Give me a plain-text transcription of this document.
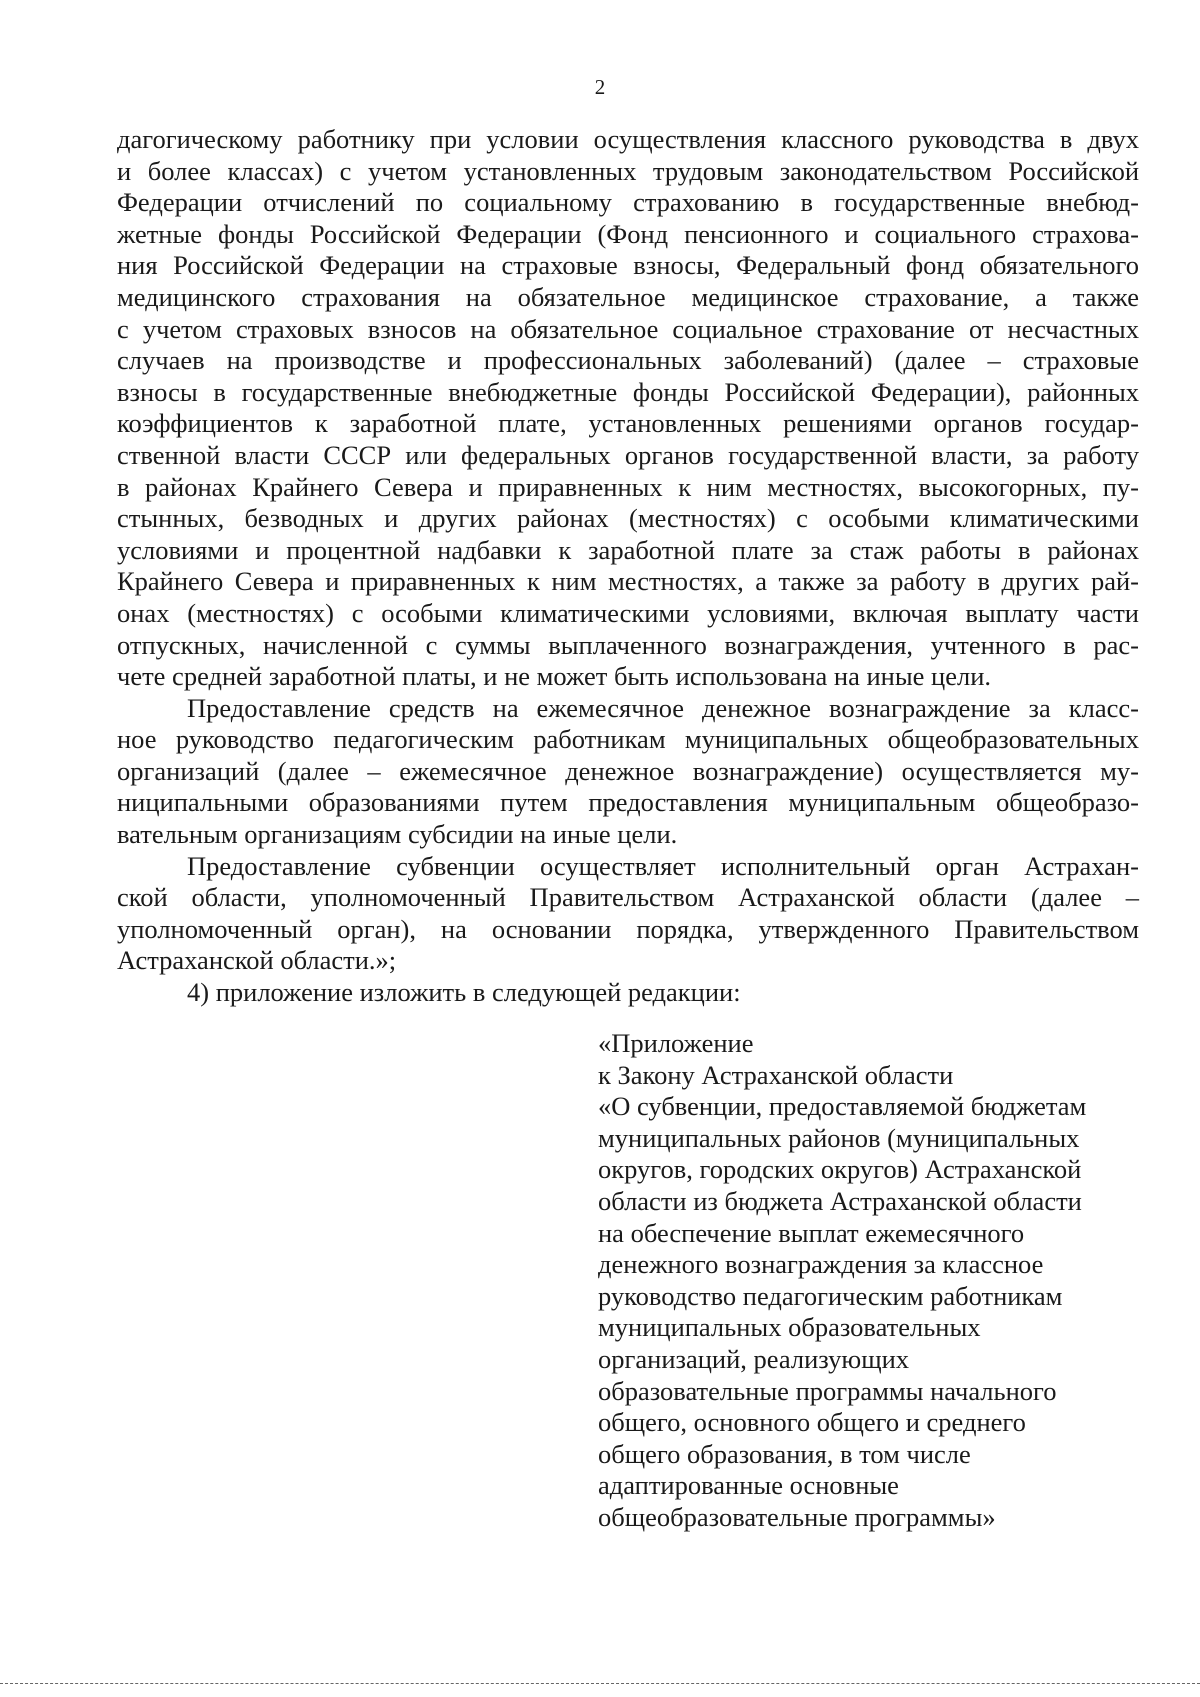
2
дагогическому работнику при условии осуществления классного руководства в двух
и более классах) с учетом установленных трудовым законодательством Российской
Федерации отчислений по социальному страхованию в государственные внебюд-
жетные фонды Российской Федерации (Фонд пенсионного и социального страхова-
ния Российской Федерации на страховые взносы, Федеральный фонд обязательного
медицинского страхования на обязательное медицинское страхование, а также
с учетом страховых взносов на обязательное социальное страхование от несчастных
случаев на производстве и профессиональных заболеваний) (далее – страховые
взносы в государственные внебюджетные фонды Российской Федерации), районных
коэффициентов к заработной плате, установленных решениями органов государ-
ственной власти СССР или федеральных органов государственной власти, за работу
в районах Крайнего Севера и приравненных к ним местностях, высокогорных, пу-
стынных, безводных и других районах (местностях) с особыми климатическими
условиями и процентной надбавки к заработной плате за стаж работы в районах
Крайнего Севера и приравненных к ним местностях, а также за работу в других рай-
онах (местностях) с особыми климатическими условиями, включая выплату части
отпускных, начисленной с суммы выплаченного вознаграждения, учтенного в рас-
чете средней заработной платы, и не может быть использована на иные цели.
Предоставление средств на ежемесячное денежное вознаграждение за класс-
ное руководство педагогическим работникам муниципальных общеобразовательных
организаций (далее – ежемесячное денежное вознаграждение) осуществляется му-
ниципальными образованиями путем предоставления муниципальным общеобразо-
вательным организациям субсидии на иные цели.
Предоставление субвенции осуществляет исполнительный орган Астрахан-
ской области, уполномоченный Правительством Астраханской области (далее –
уполномоченный орган), на основании порядка, утвержденного Правительством
Астраханской области.»;
4) приложение изложить в следующей редакции:
«Приложение
к Закону Астраханской области
«О субвенции, предоставляемой бюджетам
муниципальных районов (муниципальных
округов, городских округов) Астраханской
области из бюджета Астраханской области
на обеспечение выплат ежемесячного
денежного вознаграждения за классное
руководство педагогическим работникам
муниципальных образовательных
организаций, реализующих
образовательные программы начального
общего, основного общего и среднего
общего образования, в том числе
адаптированные основные
общеобразовательные программы»
